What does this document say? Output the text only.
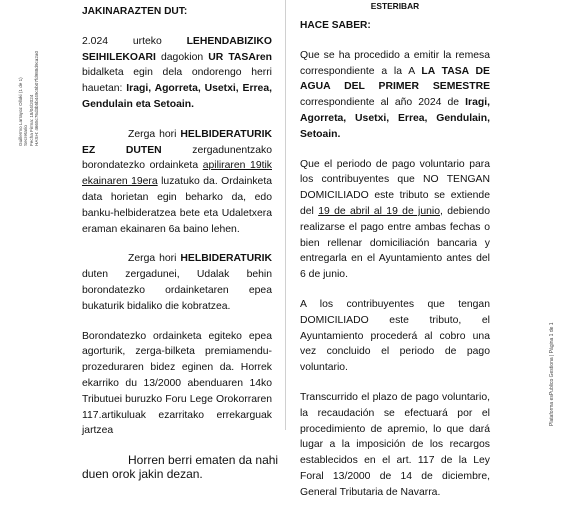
Guillermo Larrayoz Olloki (1 de 1) Secretario Fecha Firma: 18/04/2024 HASH: 4665c76d3b5b449c5b07fd988d9ca2a0
Plataforma esPublico Gestiona | Página 1 de 1
JAKINARAZTEN DUT:

2.024 urteko LEHENDABIZIKO SEIHILEKOARI dagokion UR TASAren bidalketa egin dela ondorengo herri hauetan: Iragi, Agorreta, Usetxi, Errea, Gendulain eta Setoain.

Zerga hori HELBIDERATURIK EZ DUTEN zergadunentzako borondatezko ordainketa apiliraren 19tik ekainaren 19era luzatuko da. Ordainketa data horietan egin beharko da, edo banku-helbideratzea bete eta Udaletxera eraman ekainaren 6a baino lehen.

Zerga hori HELBIDERATURIK duten zergadunei, Udalak behin borondatezko ordainketaren epea bukaturik bidaliko die kobratzea.

Borondatezko ordainketa egiteko epea agorturik, zerga-bilketa premiamendu-prozeduraren bidez eginen da. Horrek ekarriko du 13/2000 abenduaren 14ko Tributuei buruzko Foru Lege Orokorraren 117.artikuluak ezarritako errekarguak jartzea

Horren berri ematen da nahi
duen orok jakin dezan.
ESTERIBAR
HACE SABER:

Que se ha procedido a emitir la remesa correspondiente a la A LA TASA DE AGUA DEL PRIMER SEMESTRE correspondiente al año 2024 de Iragi, Agorreta, Usetxi, Errea, Gendulain, Setoain.

Que el periodo de pago voluntario para los contribuyentes que NO TENGAN DOMICILIADO este tributo se extiende del 19 de abril al 19 de junio, debiendo realizarse el pago entre ambas fechas o bien rellenar domiciliación bancaria y entregarla en el Ayuntamiento antes del 6 de junio.

A los contribuyentes que tengan DOMICILIADO este tributo, el Ayuntamiento procederá al cobro una vez concluido el periodo de pago voluntario.

Transcurrido el plazo de pago voluntario, la recaudación se efectuará por el procedimiento de apremio, lo que dará lugar a la imposición de los recargos establecidos en el art. 117 de la Ley Foral 13/2000 de 14 de diciembre, General Tributaria de Navarra.
